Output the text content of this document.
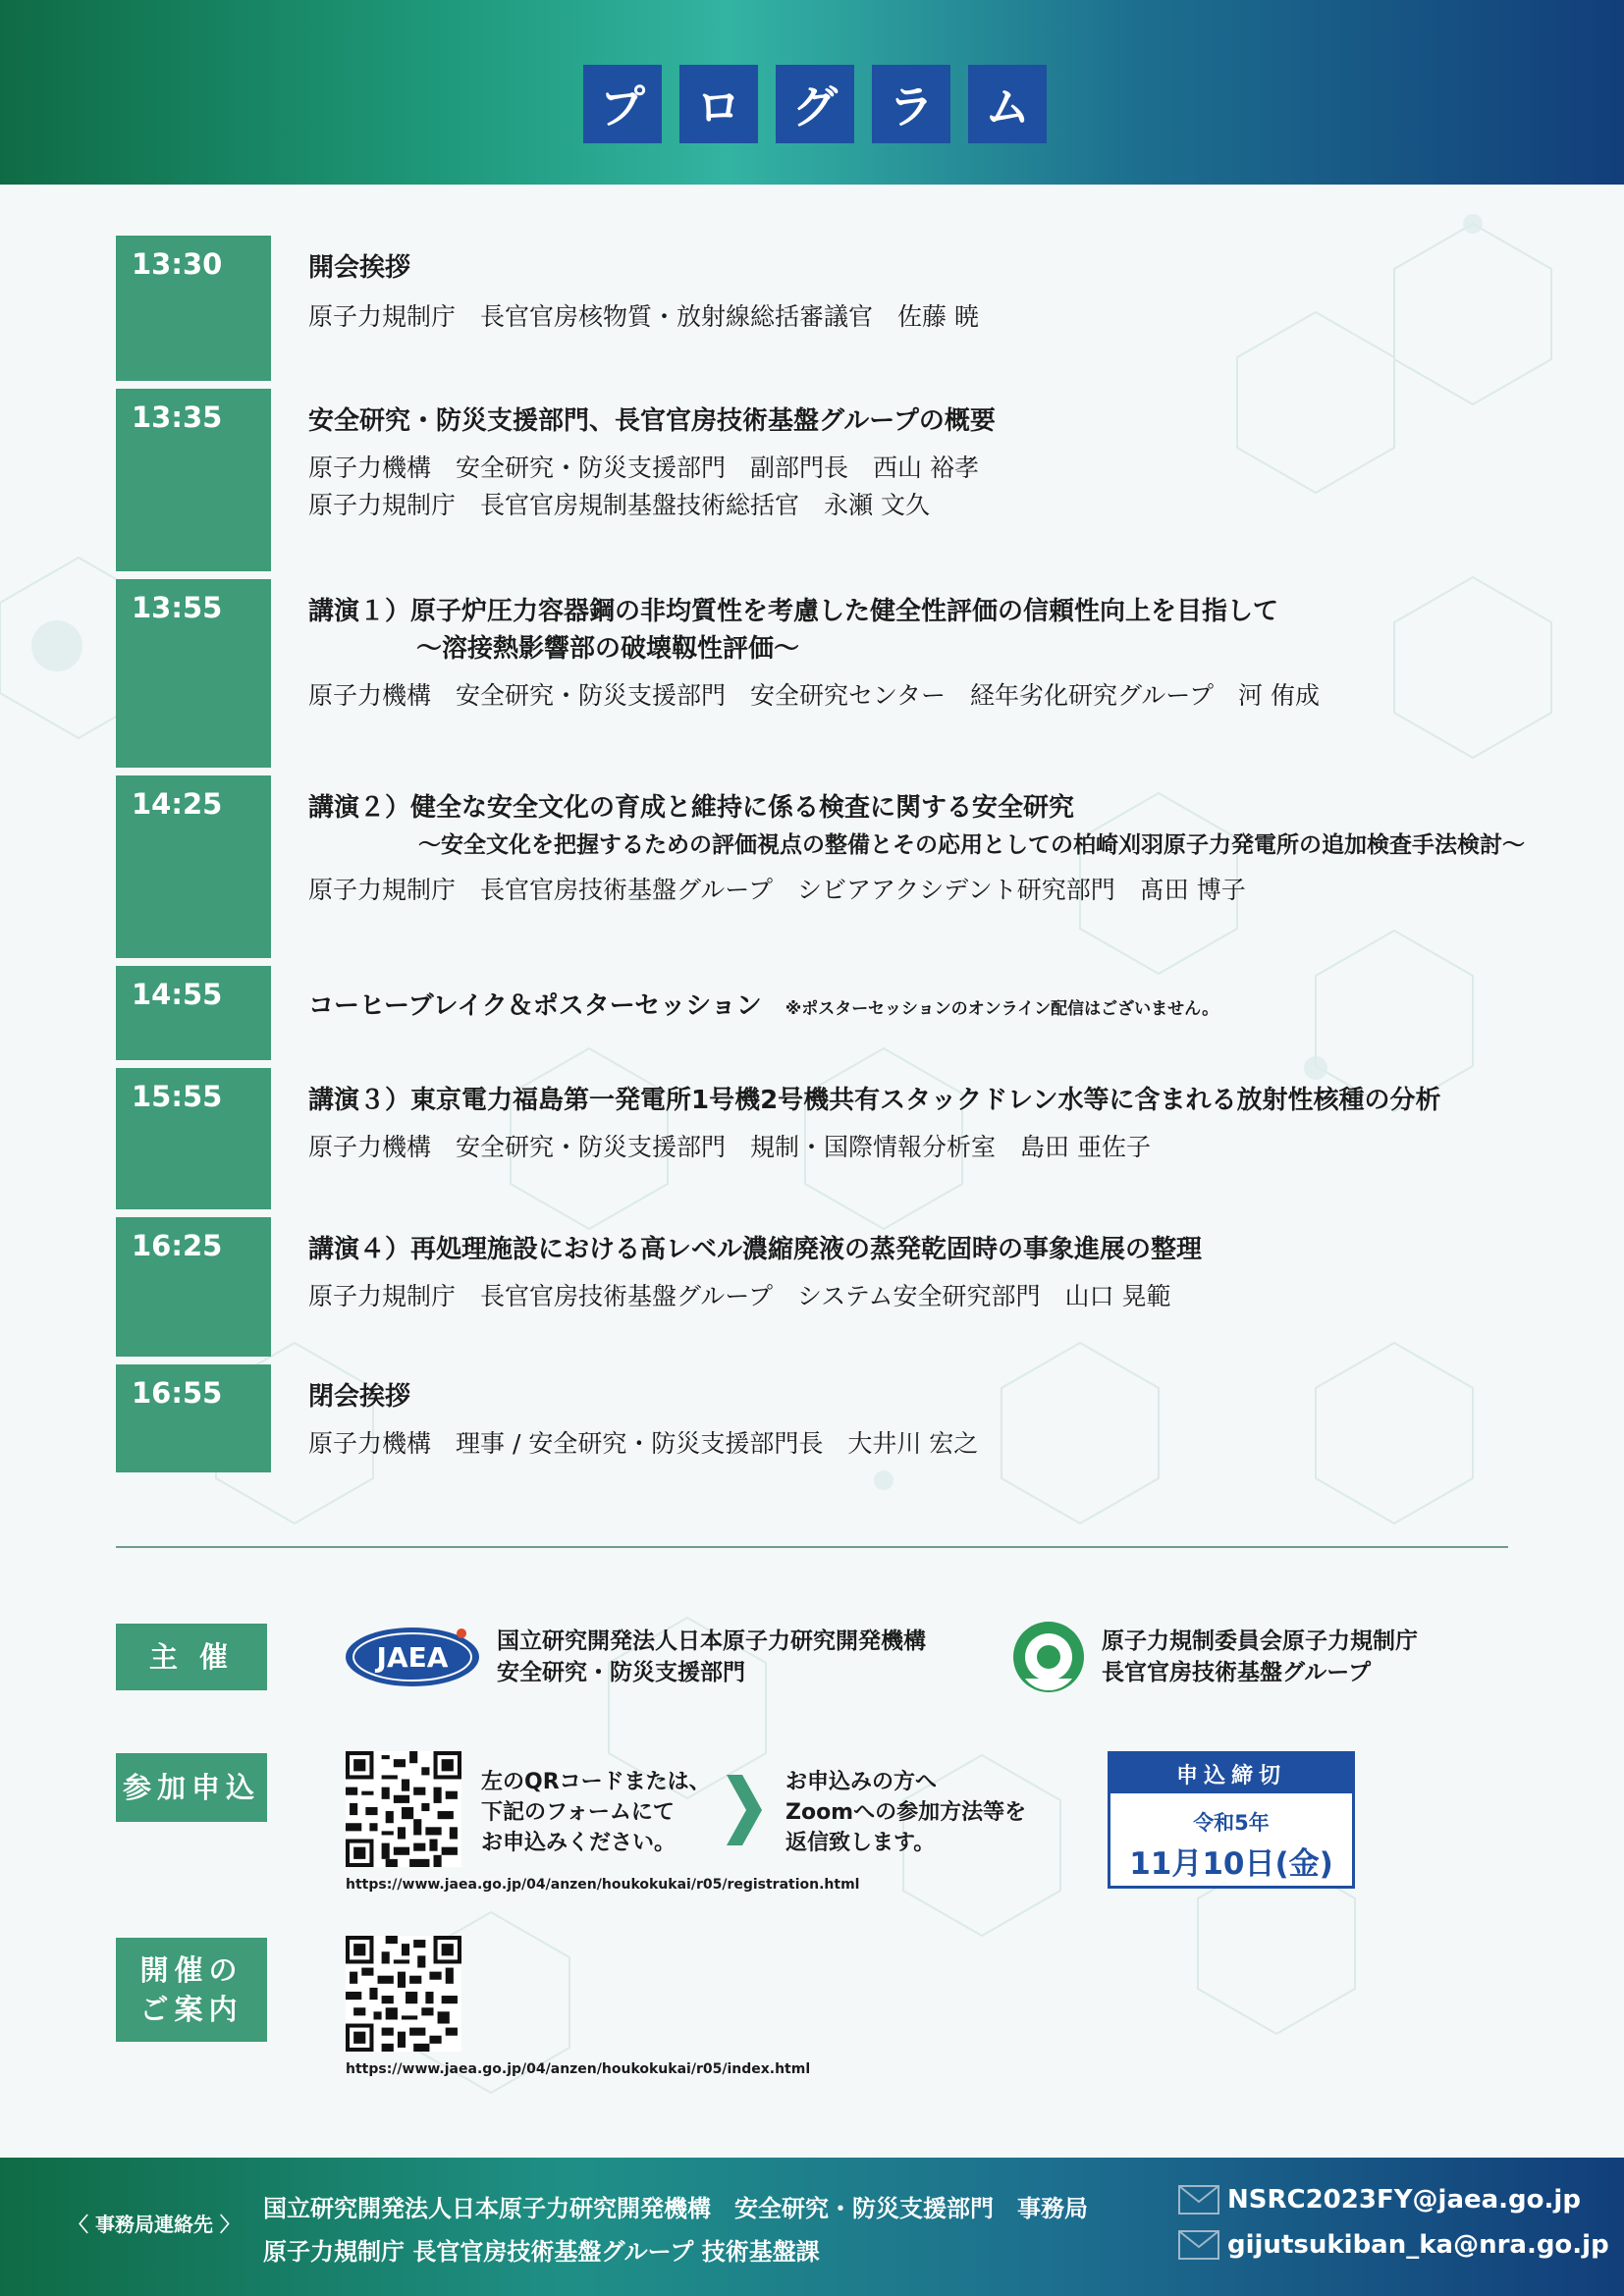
プ	ロ	グ	ラ	ム
13:30	開会挨拶
原子力規制庁　長官官房核物質・放射線総括審議官　佐藤 暁
13:35	安全研究・防災支援部門、長官官房技術基盤グループの概要
原子力機構　安全研究・防災支援部門　副部門長　西山 裕孝
原子力規制庁　長官官房規制基盤技術総括官　永瀬 文久
13:55	講演１）原子炉圧力容器鋼の非均質性を考慮した健全性評価の信頼性向上を目指して
～溶接熱影響部の破壊靱性評価～
原子力機構　安全研究・防災支援部門　安全研究センター　経年劣化研究グループ　河 侑成
14:25	講演２）健全な安全文化の育成と維持に係る検査に関する安全研究
～安全文化を把握するための評価視点の整備とその応用としての柏崎刈羽原子力発電所の追加検査手法検討～
原子力規制庁　長官官房技術基盤グループ　シビアアクシデント研究部門　髙田 博子
14:55	コーヒーブレイク＆ポスターセッション ※ポスターセッションのオンライン配信はございません。
15:55	講演３）東京電力福島第一発電所1号機2号機共有スタックドレン水等に含まれる放射性核種の分析
原子力機構　安全研究・防災支援部門　規制・国際情報分析室　島田 亜佐子
16:25	講演４）再処理施設における高レベル濃縮廃液の蒸発乾固時の事象進展の整理
原子力規制庁　長官官房技術基盤グループ　システム安全研究部門　山口 晃範
16:55	閉会挨拶
原子力機構　理事 / 安全研究・防災支援部門長　大井川 宏之
主 催	JAEA 国立研究開発法人日本原子力研究開発機構
安全研究・防災支援部門
原子力規制委員会原子力規制庁
長官官房技術基盤グループ
参加申込	左のQRコードまたは、
下記のフォームにて
お申込みください。
お申込みの方へ
Zoomへの参加方法等を
返信致します。
https://www.jaea.go.jp/04/anzen/houkokukai/r05/registration.html
申込締切
令和5年
11月10日(金)
開催の
ご案内
https://www.jaea.go.jp/04/anzen/houkokukai/r05/index.html
〈 事務局連絡先 〉
国立研究開発法人日本原子力研究開発機構　安全研究・防災支援部門　事務局
原子力規制庁 長官官房技術基盤グループ 技術基盤課
NSRC2023FY@jaea.go.jp
gijutsukiban_ka@nra.go.jp
